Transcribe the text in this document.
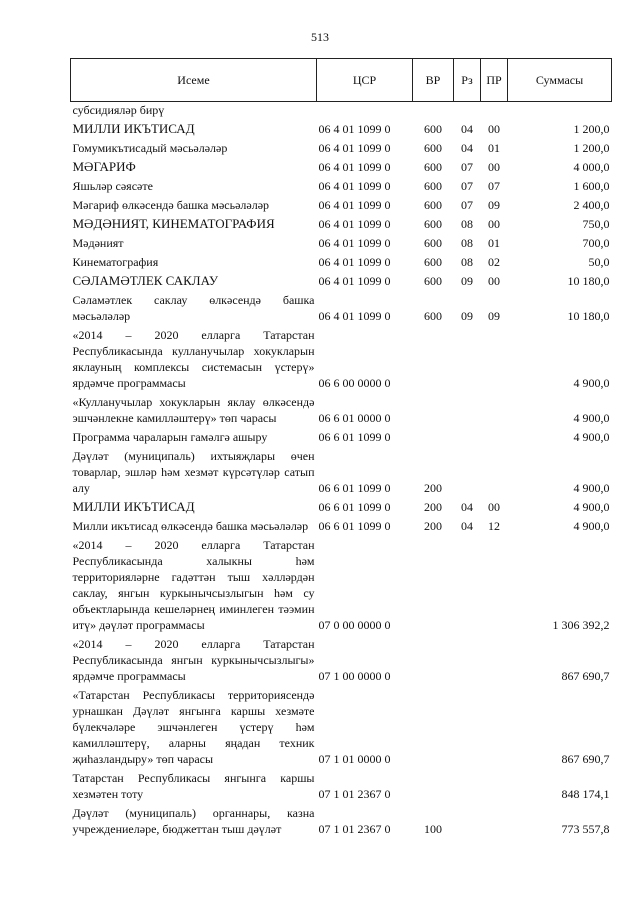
513
Исеме	ЦСР	ВР	Рз	ПР	Суммасы
субсидияләр бирү					
МИЛЛИ ИКЪТИСАД	06 4 01 1099 0	600	04	00	1 200,0
Гомумикътисадый мәсьәләләр	06 4 01 1099 0	600	04	01	1 200,0
МӘГАРИФ	06 4 01 1099 0	600	07	00	4 000,0
Яшьләр сәясәте	06 4 01 1099 0	600	07	07	1 600,0
Мәгариф өлкәсендә башка мәсьәләләр	06 4 01 1099 0	600	07	09	2 400,0
МӘДӘНИЯТ, КИНЕМАТОГРАФИЯ	06 4 01 1099 0	600	08	00	750,0
Мәдәният	06 4 01 1099 0	600	08	01	700,0
Кинематография	06 4 01 1099 0	600	08	02	50,0
СӘЛАМӘТЛЕК САКЛАУ	06 4 01 1099 0	600	09	00	10 180,0
Сәламәтлек саклау өлкәсендә башка мәсьәләләр	06 4 01 1099 0	600	09	09	10 180,0
«2014 – 2020 елларга Татарстан Республикасында кулланучылар хокукларын яклауның комплексы системасын үстерү» ярдәмче программасы	06 6 00 0000 0				4 900,0
«Кулланучылар хокукларын яклау өлкәсендә эшчәнлекне камилләштерү» төп чарасы	06 6 01 0000 0				4 900,0
Программа чараларын гамәлгә ашыру	06 6 01 1099 0				4 900,0
Дәүләт (муниципаль) ихтыяҗлары өчен товарлар, эшләр һәм хезмәт күрсәтүләр сатып алу	06 6 01 1099 0	200			4 900,0
МИЛЛИ ИКЪТИСАД	06 6 01 1099 0	200	04	00	4 900,0
Милли икътисад өлкәсендә башка мәсьәләләр	06 6 01 1099 0	200	04	12	4 900,0
«2014 – 2020 елларга Татарстан Республикасында халыкны һәм территорияләрне гадәттән тыш хәлләрдән саклау, янгын куркынычсызлыгын һәм су объектларында кешеләрнең иминлеген тәэмин итү» дәүләт программасы	07 0 00 0000 0				1 306 392,2
«2014 – 2020 елларга Татарстан Республикасында янгын куркынычсызлыгы» ярдәмче программасы	07 1 00 0000 0				867 690,7
«Татарстан Республикасы территориясендә урнашкан Дәүләт янгынга каршы хезмәте бүлекчәләре эшчәнлеген үстерү һәм камилләштерү, аларны яңадан техник җиһазландыру» төп чарасы	07 1 01 0000 0				867 690,7
Татарстан Республикасы янгынга каршы хезмәтен тоту	07 1 01 2367 0				848 174,1
Дәүләт (муниципаль) органнары, казна учреждениеләре, бюджеттан тыш дәүләт	07 1 01 2367 0	100			773 557,8
